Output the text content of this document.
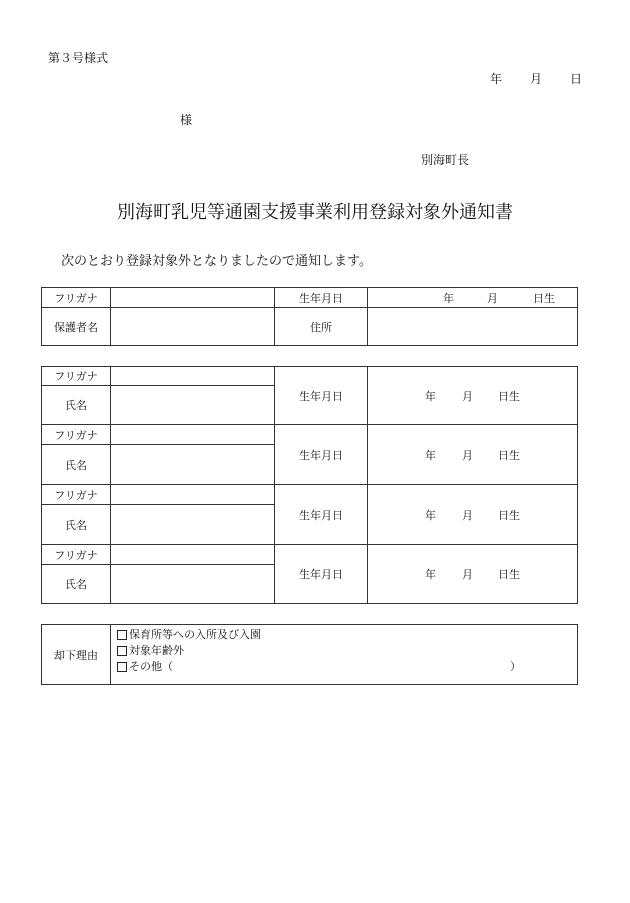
第３号様式
年	月	日
様
別海町長
別海町乳児等通園支援事業利用登録対象外通知書
次のとおり登録対象外となりましたので通知します。
フリガナ		生年月日	年 月 日生
保護者名		住所	
フリガナ		生年月日	年 月 日生
氏名			
フリガナ		生年月日	年 月 日生
氏名			
フリガナ		生年月日	年 月 日生
氏名			
フリガナ		生年月日	年 月 日生
氏名			
却下理由	
保育所等への入所及び入園
対象年齢外
その他（	）
